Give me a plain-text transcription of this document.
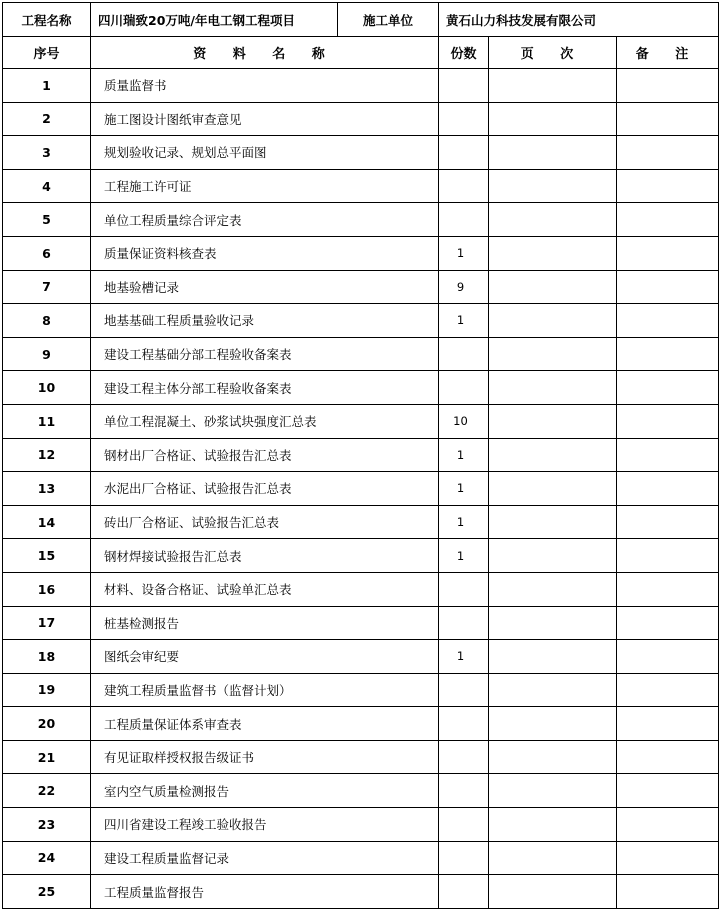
工程名称	四川瑞致20万吨/年电工钢工程项目	施工单位	黄石山力科技发展有限公司		
序号	资 料 名 称		份数	页 次	备 注
1	质量监督书				
2	施工图设计图纸审查意见				
3	规划验收记录、规划总平面图				
4	工程施工许可证				
5	单位工程质量综合评定表				
6	质量保证资料核查表		1		
7	地基验槽记录		9		
8	地基基础工程质量验收记录		1		
9	建设工程基础分部工程验收备案表				
10	建设工程主体分部工程验收备案表				
11	单位工程混凝土、砂浆试块强度汇总表		10		
12	钢材出厂合格证、试验报告汇总表		1		
13	水泥出厂合格证、试验报告汇总表		1		
14	砖出厂合格证、试验报告汇总表		1		
15	钢材焊接试验报告汇总表		1		
16	材料、设备合格证、试验单汇总表				
17	桩基检测报告				
18	图纸会审纪要		1		
19	建筑工程质量监督书（监督计划）				
20	工程质量保证体系审查表				
21	有见证取样授权报告级证书				
22	室内空气质量检测报告				
23	四川省建设工程竣工验收报告				
24	建设工程质量监督记录				
25	工程质量监督报告				
